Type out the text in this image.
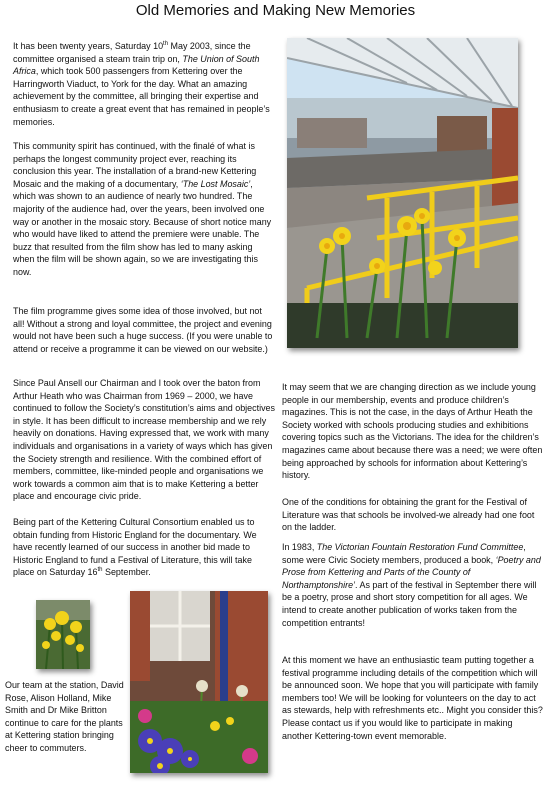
Old Memories and Making New Memories

It has been twenty years, Saturday 10th May 2003, since the committee organised a steam train trip on, The Union of South Africa, which took 500 passengers from Kettering over the Harringworth Viaduct, to York for the day. What an amazing achievement by the committee, all bringing their expertise and enthusiasm to create a great event that has remained in people’s memories.

This community spirit has continued, with the finalé of what is perhaps the longest community project ever, reaching its conclusion this year. The installation of a brand-new Kettering Mosaic and the making of a documentary, ‘The Lost Mosaic’, which was shown to an audience of nearly two hundred. The majority of the audience had, over the years, been involved one way or another in the mosaic story. Because of short notice many who would have liked to attend the premiere were unable. The buzz that resulted from the film show has led to many asking when the film will be shown again, so we are investigating this now.

The film programme gives some idea of those involved, but not all! Without a strong and loyal committee, the project and evening would not have been such a huge success. (If you were unable to attend or receive a programme it can be viewed on our website.)

Since Paul Ansell our Chairman and I took over the baton from Arthur Heath who was Chairman from 1969 – 2000, we have continued to follow the Society’s constitution’s aims and objectives in style. It has been difficult to increase membership and we rely heavily on donations. Having expressed that, we work with many individuals and organisations in a variety of ways which has given the Society strength and resilience. With the combined effort of members, committee, like-minded people and organisations we work towards a common aim that is to make Kettering a better place and encourage civic pride.

Being part of the Kettering Cultural Consortium enabled us to obtain funding from Historic England for the documentary. We have recently learned of our success in another bid made to Historic England to fund a Festival of Literature, this will take place on Saturday 16th September.

Our team at the station, David Rose, Alison Holland, Mike Smith and Dr Mike Britton continue to care for the plants at Kettering station bringing cheer to commuters.

It may seem that we are changing direction as we include young people in our membership, events and produce children’s magazines. This is not the case, in the days of Arthur Heath the Society worked with schools producing studies and exhibitions covering topics such as the Victorians. The idea for the children’s magazines came about because there was a need; we were often being approached by schools for information about Kettering’s history.

One of the conditions for obtaining the grant for the Festival of Literature was that schools be involved-we already had one foot on the ladder.

In 1983, The Victorian Fountain Restoration Fund Committee, some were Civic Society members, produced a book, ‘Poetry and Prose from Kettering and Parts of the County of Northamptonshire’. As part of the festival in September there will be a poetry, prose and short story competition for all ages. We intend to create another publication of works taken from the competition entrants!

At this moment we have an enthusiastic team putting together a festival programme including details of the competition which will be announced soon. We hope that you will participate with family members too! We will be looking for volunteers on the day to act as stewards, help with refreshments etc.. Might you consider this? Please contact us if you would like to participate in making another Kettering-town event memorable.
